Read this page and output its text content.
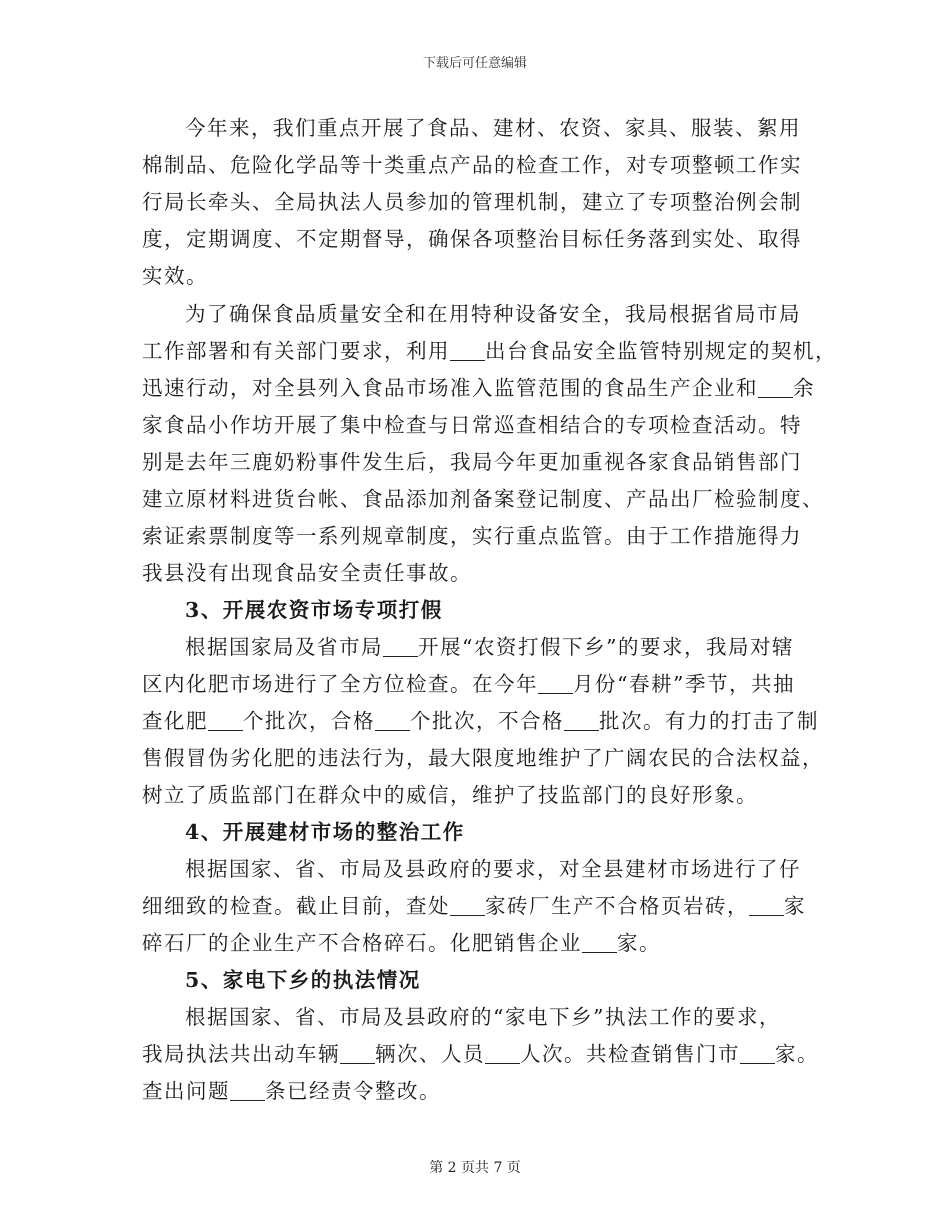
下载后可任意编辑
今年来，我们重点开展了食品、建材、农资、家具、服装、絮用
棉制品、危险化学品等十类重点产品的检查工作，对专项整顿工作实
行局长牵头、全局执法人员参加的管理机制，建立了专项整治例会制
度，定期调度、不定期督导，确保各项整治目标任务落到实处、取得
实效。
为了确保食品质量安全和在用特种设备安全，我局根据省局市局
工作部署和有关部门要求，利用 出台食品安全监管特别规定的契机，
迅速行动，对全县列入食品市场准入监管范围的食品生产企业和 余
家食品小作坊开展了集中检查与日常巡查相结合的专项检查活动。特
别是去年三鹿奶粉事件发生后，我局今年更加重视各家食品销售部门
建立原材料进货台帐、食品添加剂备案登记制度、产品出厂检验制度、
索证索票制度等一系列规章制度，实行重点监管。由于工作措施得力
我县没有出现食品安全责任事故。
3、开展农资市场专项打假
根据国家局及省市局 开展“农资打假下乡”的要求，我局对辖
区内化肥市场进行了全方位检查。在今年 月份“春耕”季节，共抽
查化肥 个批次，合格 个批次，不合格 批次。有力的打击了制
售假冒伪劣化肥的违法行为，最大限度地维护了广阔农民的合法权益，
树立了质监部门在群众中的威信，维护了技监部门的良好形象。
4、开展建材市场的整治工作
根据国家、省、市局及县政府的要求，对全县建材市场进行了仔
细细致的检查。截止目前，查处 家砖厂生产不合格页岩砖， 家
碎石厂的企业生产不合格碎石。化肥销售企业 家。
5、家电下乡的执法情况
根据国家、省、市局及县政府的“家电下乡”执法工作的要求，
我局执法共出动车辆 辆次、人员 人次。共检查销售门市 家。
查出问题 条已经责令整改。
第 2 页共 7 页
